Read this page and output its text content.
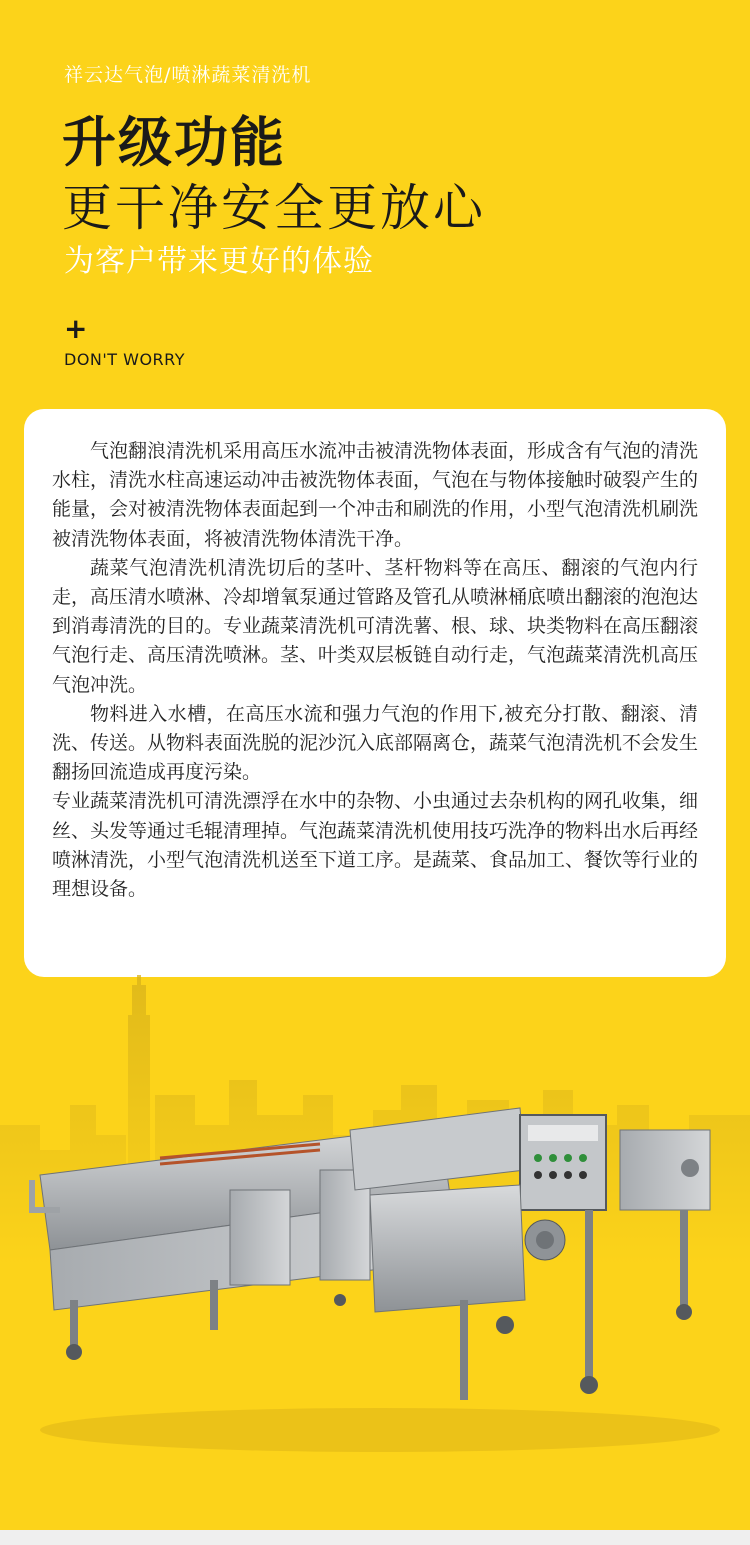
祥云达气泡/喷淋蔬菜清洗机
升级功能
更干净安全更放心
为客户带来更好的体验
+
DON'T WORRY

气泡翻浪清洗机采用高压水流冲击被清洗物体表面，形成含有气泡的清洗水柱，清洗水柱高速运动冲击被洗物体表面，气泡在与物体接触时破裂产生的能量，会对被清洗物体表面起到一个冲击和刷洗的作用，小型气泡清洗机刷洗被清洗物体表面，将被清洗物体清洗干净。

蔬菜气泡清洗机清洗切后的茎叶、茎杆物料等在高压、翻滚的气泡内行走，高压清水喷淋、冷却增氧泵通过管路及管孔从喷淋桶底喷出翻滚的泡泡达到消毒清洗的目的。专业蔬菜清洗机可清洗薯、根、球、块类物料在高压翻滚气泡行走、高压清洗喷淋。茎、叶类双层板链自动行走，气泡蔬菜清洗机高压气泡冲洗。

物料进入水槽，在高压水流和强力气泡的作用下,被充分打散、翻滚、清洗、传送。从物料表面洗脱的泥沙沉入底部隔离仓，蔬菜气泡清洗机不会发生翻扬回流造成再度污染。

专业蔬菜清洗机可清洗漂浮在水中的杂物、小虫通过去杂机构的网孔收集，细丝、头发等通过毛辊清理掉。气泡蔬菜清洗机使用技巧洗净的物料出水后再经喷淋清洗，小型气泡清洗机送至下道工序。是蔬菜、食品加工、餐饮等行业的理想设备。
